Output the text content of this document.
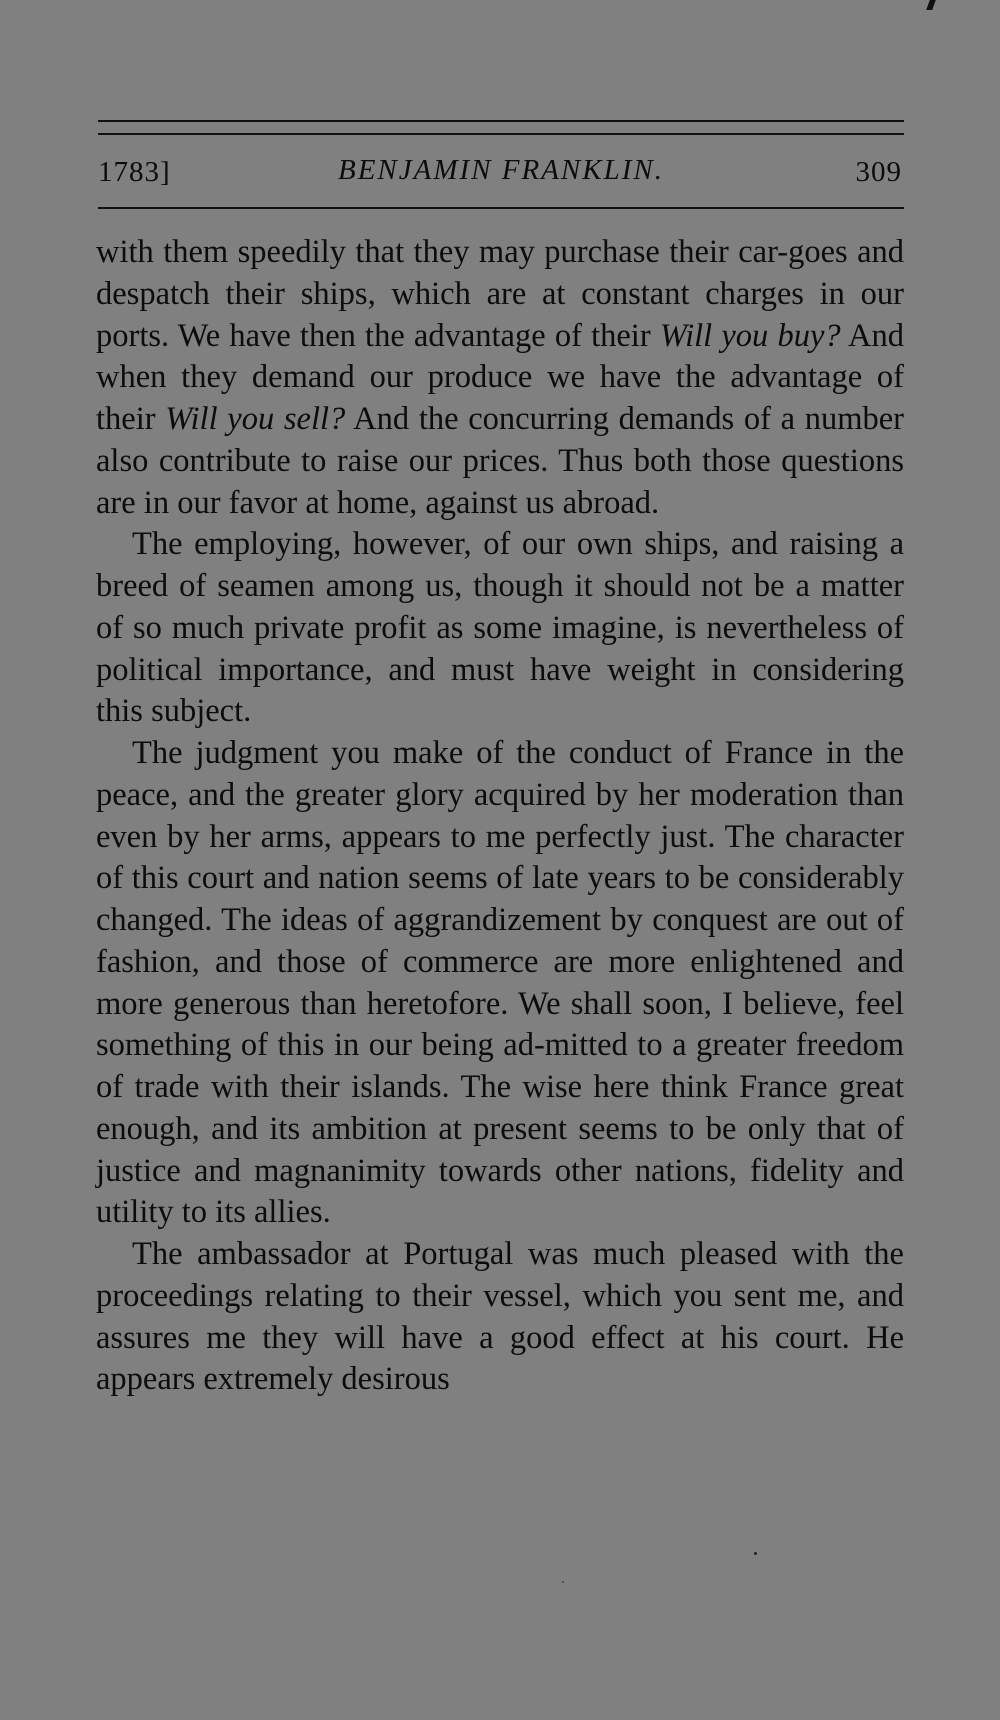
1783]	BENJAMIN FRANKLIN.	309

with them speedily that they may purchase their car-goes and despatch their ships, which are at constant charges in our ports. We have then the advantage of their Will you buy? And when they demand our produce we have the advantage of their Will you sell? And the concurring demands of a number also contribute to raise our prices. Thus both those questions are in our favor at home, against us abroad.

The employing, however, of our own ships, and raising a breed of seamen among us, though it should not be a matter of so much private profit as some imagine, is nevertheless of political importance, and must have weight in considering this subject.

The judgment you make of the conduct of France in the peace, and the greater glory acquired by her moderation than even by her arms, appears to me perfectly just. The character of this court and nation seems of late years to be considerably changed. The ideas of aggrandizement by conquest are out of fashion, and those of commerce are more enlightened and more generous than heretofore. We shall soon, I believe, feel something of this in our being ad-mitted to a greater freedom of trade with their islands. The wise here think France great enough, and its ambition at present seems to be only that of justice and magnanimity towards other nations, fidelity and utility to its allies.

The ambassador at Portugal was much pleased with the proceedings relating to their vessel, which you sent me, and assures me they will have a good effect at his court. He appears extremely desirous
